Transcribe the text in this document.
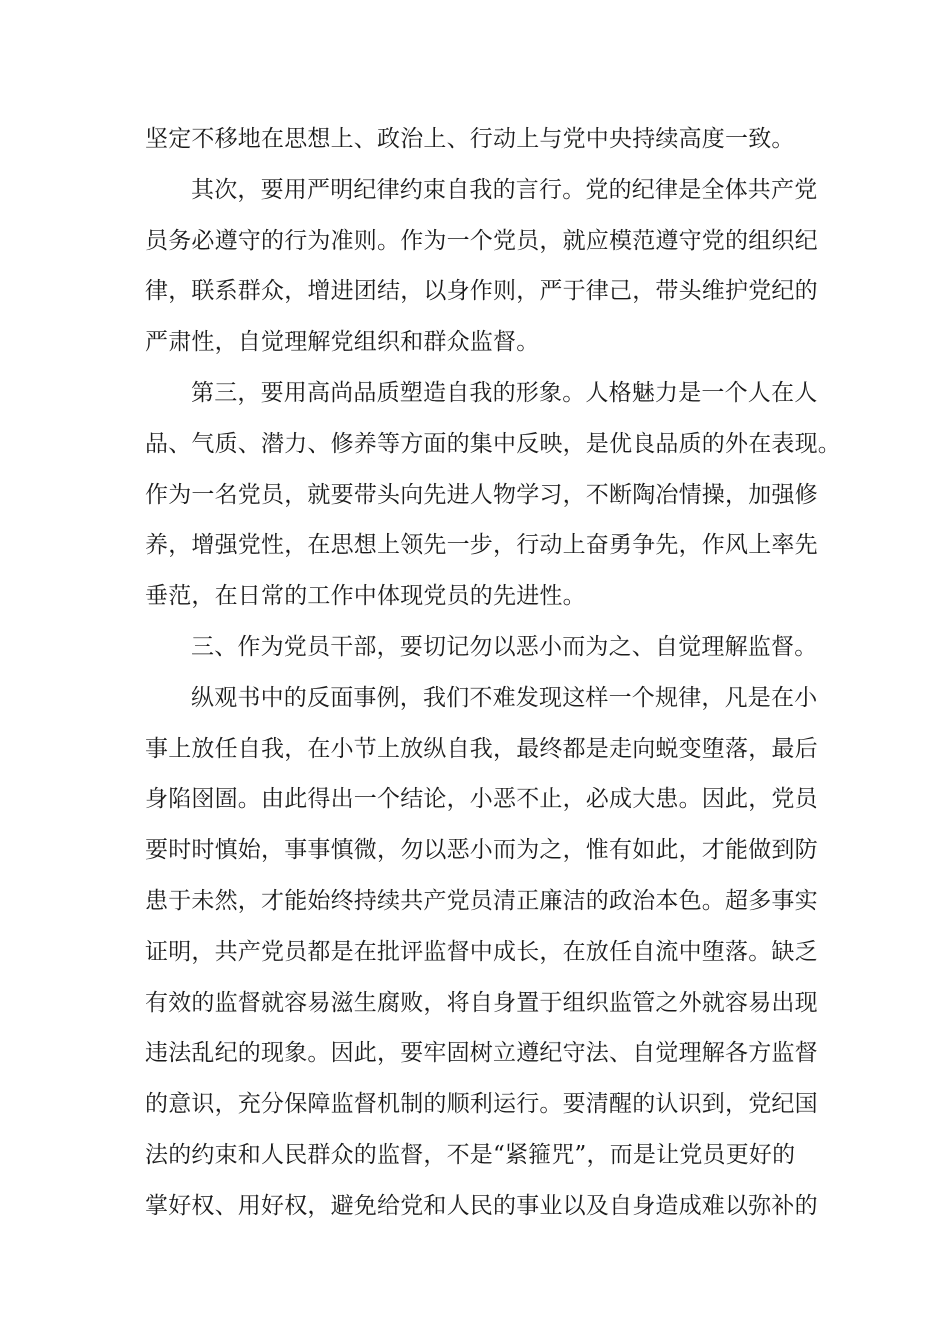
坚定不移地在思想上、政治上、行动上与党中央持续高度一致。
其次，要用严明纪律约束自我的言行。党的纪律是全体共产党
员务必遵守的行为准则。作为一个党员，就应模范遵守党的组织纪
律，联系群众，增进团结，以身作则，严于律己，带头维护党纪的
严肃性，自觉理解党组织和群众监督。
第三，要用高尚品质塑造自我的形象。人格魅力是一个人在人
品、气质、潜力、修养等方面的集中反映，是优良品质的外在表现。
作为一名党员，就要带头向先进人物学习，不断陶冶情操，加强修
养，增强党性，在思想上领先一步，行动上奋勇争先，作风上率先
垂范，在日常的工作中体现党员的先进性。
三、作为党员干部，要切记勿以恶小而为之、自觉理解监督。
纵观书中的反面事例，我们不难发现这样一个规律，凡是在小
事上放任自我，在小节上放纵自我，最终都是走向蜕变堕落，最后
身陷囹圄。由此得出一个结论，小恶不止，必成大患。因此，党员
要时时慎始，事事慎微，勿以恶小而为之，惟有如此，才能做到防
患于未然，才能始终持续共产党员清正廉洁的政治本色。超多事实
证明，共产党员都是在批评监督中成长，在放任自流中堕落。缺乏
有效的监督就容易滋生腐败，将自身置于组织监管之外就容易出现
违法乱纪的现象。因此，要牢固树立遵纪守法、自觉理解各方监督
的意识，充分保障监督机制的顺利运行。要清醒的认识到，党纪国
法的约束和人民群众的监督，不是“紧箍咒”，而是让党员更好的
掌好权、用好权，避免给党和人民的事业以及自身造成难以弥补的
